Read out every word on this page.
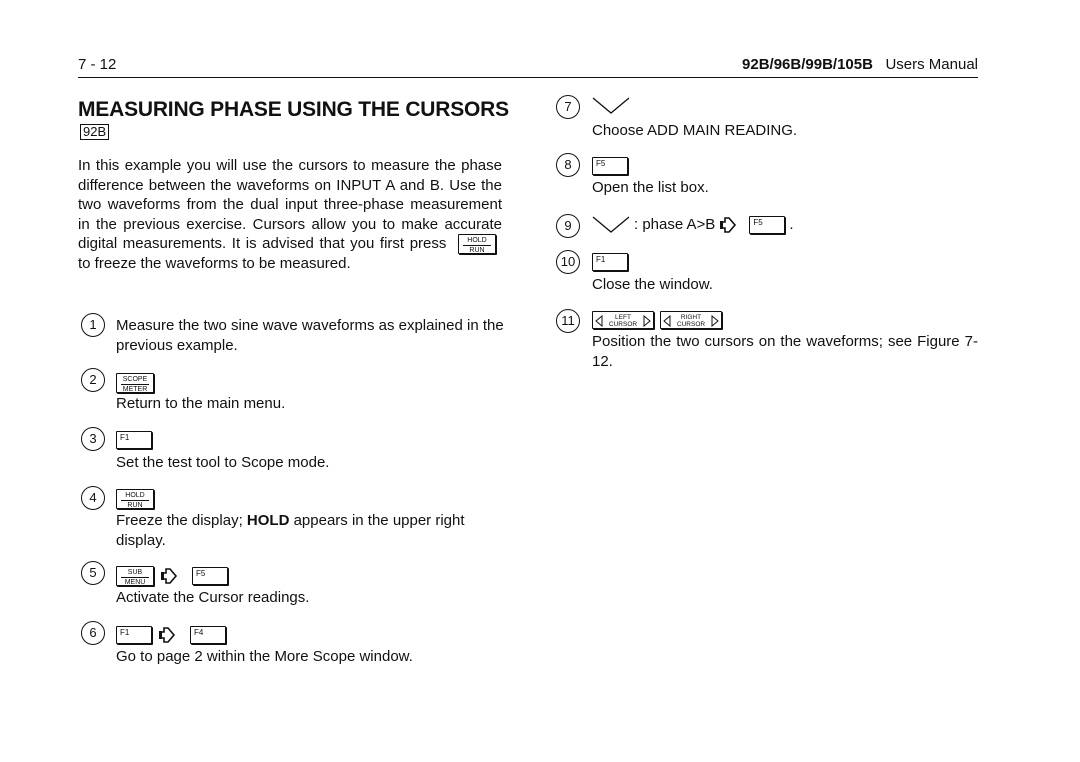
7 - 12	92B/96B/99B/105B Users Manual
MEASURING PHASE USING THE CURSORS
92B
In this example you will use the cursors to measure the phase difference between the waveforms on INPUT A and B. Use the two waveforms from the dual input three-phase measurement in the previous exercise. Cursors allow you to make accurate digital measurements. It is advised that you first press	HOLD
RUN to freeze the waveforms to be measured.
1	Measure the two sine wave waveforms as explained in the previous example.
2	SCOPE
METER
Return to the main menu.
3	F1
Set the test tool to Scope mode.
4	HOLD
RUN
Freeze the display; HOLD appears in the upper right display.
5	SUB
MENU
F5
Activate the Cursor readings.
6	F1	F4
Go to page 2 within the More Scope window.
7
Choose ADD MAIN READING.
8	F5
Open the list box.
9	: phase A>B	F5	.
10	F1
Close the window.
11	LEFT
CURSOR
RIGHT
CURSOR
Position the two cursors on the waveforms; see Figure 7-12.
